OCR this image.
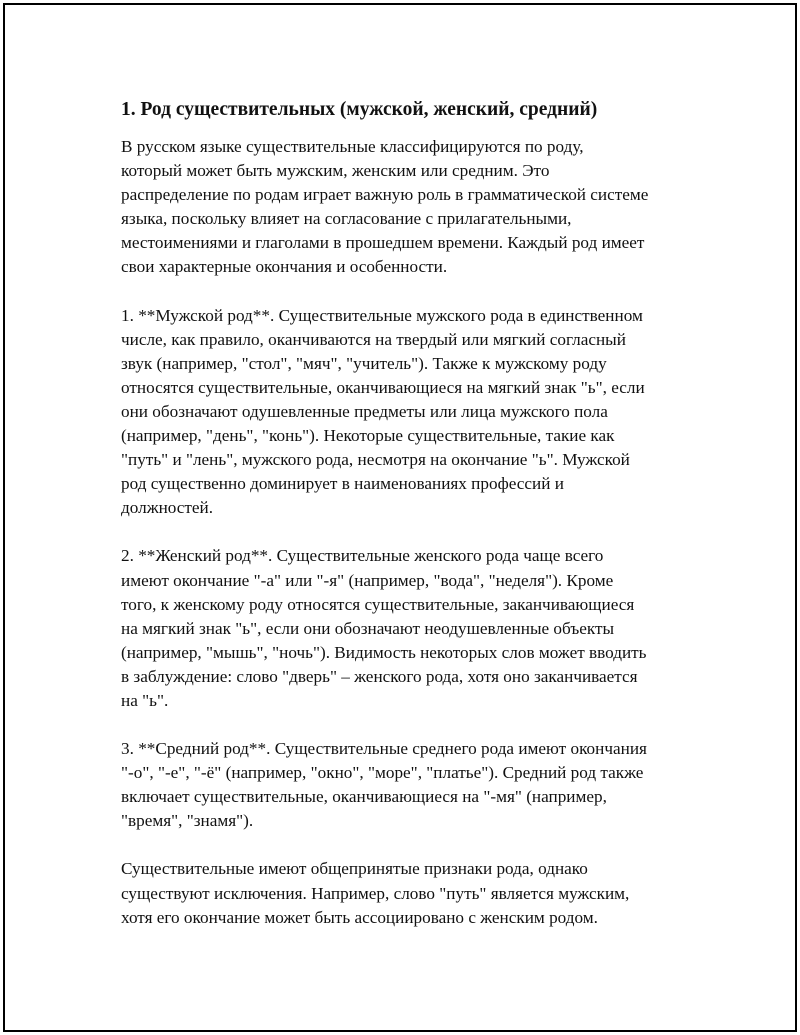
1. Род существительных (мужской, женский, средний)
В русском языке существительные классифицируются по роду,
который может быть мужским, женским или средним. Это
распределение по родам играет важную роль в грамматической системе
языка, поскольку влияет на согласование с прилагательными,
местоимениями и глаголами в прошедшем времени. Каждый род имеет
свои характерные окончания и особенности.
1. **Мужской род**. Существительные мужского рода в единственном
числе, как правило, оканчиваются на твердый или мягкий согласный
звук (например, "стол", "мяч", "учитель"). Также к мужскому роду
относятся существительные, оканчивающиеся на мягкий знак "ь", если
они обозначают одушевленные предметы или лица мужского пола
(например, "день", "конь"). Некоторые существительные, такие как
"путь" и "лень", мужского рода, несмотря на окончание "ь". Мужской
род существенно доминирует в наименованиях профессий и
должностей.
2. **Женский род**. Существительные женского рода чаще всего
имеют окончание "-а" или "-я" (например, "вода", "неделя"). Кроме
того, к женскому роду относятся существительные, заканчивающиеся
на мягкий знак "ь", если они обозначают неодушевленные объекты
(например, "мышь", "ночь"). Видимость некоторых слов может вводить
в заблуждение: слово "дверь" – женского рода, хотя оно заканчивается
на "ь".
3. **Средний род**. Существительные среднего рода имеют окончания
"-о", "-е", "-ё" (например, "окно", "море", "платье"). Средний род также
включает существительные, оканчивающиеся на "-мя" (например,
"время", "знамя").
Существительные имеют общепринятые признаки рода, однако
существуют исключения. Например, слово "путь" является мужским,
хотя его окончание может быть ассоциировано с женским родом.
